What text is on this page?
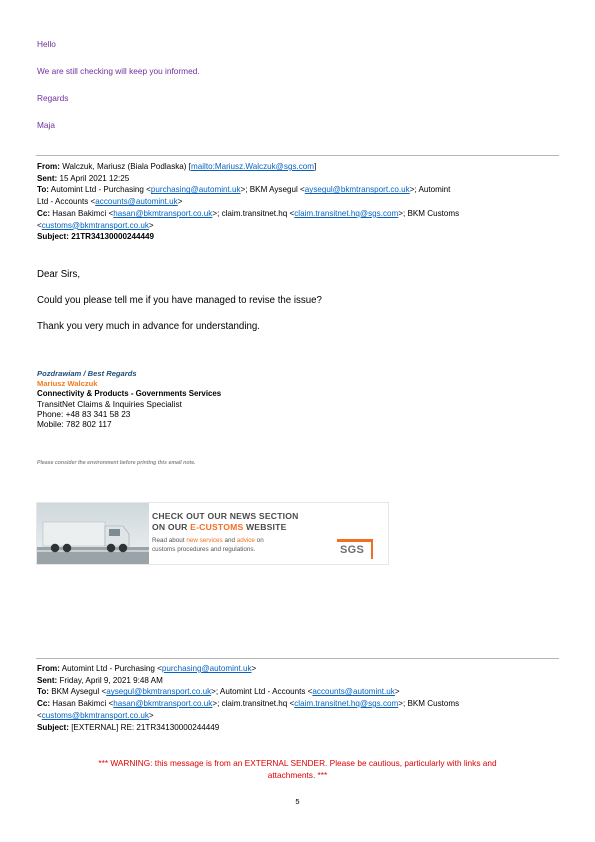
Hello
We are still checking will keep you informed.
Regards
Maja
From: Walczuk, Mariusz (Biala Podlaska) [mailto:Mariusz.Walczuk@sgs.com]
Sent: 15 April 2021 12:25
To: Automint Ltd - Purchasing <purchasing@automint.uk>; BKM Aysegul <aysegul@bkmtransport.co.uk>; Automint
Ltd - Accounts <accounts@automint.uk>
Cc: Hasan Bakimci <hasan@bkmtransport.co.uk>; claim.transitnet.hq <claim.transitnet.hq@sgs.com>; BKM Customs
<customs@bkmtransport.co.uk>
Subject: 21TR34130000244449
Dear Sirs,
Could you please tell me if you have managed to revise the issue?
Thank you very much in advance for understanding.
Pozdrawiam / Best Regards
Mariusz Walczuk
Connectivity & Products - Governments Services
TransitNet Claims & Inquiries Specialist
Phone: +48 83 341 58 23
Mobile: 782 802 117
Please consider the environment before printing this email note.
CHECK OUT OUR NEWS SECTION
ON OUR E-CUSTOMS WEBSITE
Read about new services and advice on
customs procedures and regulations.	SGS
From: Automint Ltd - Purchasing <purchasing@automint.uk>
Sent: Friday, April 9, 2021 9:48 AM
To: BKM Aysegul <aysegul@bkmtransport.co.uk>; Automint Ltd - Accounts <accounts@automint.uk>
Cc: Hasan Bakimci <hasan@bkmtransport.co.uk>; claim.transitnet.hq <claim.transitnet.hq@sgs.com>; BKM Customs
<customs@bkmtransport.co.uk>
Subject: [EXTERNAL] RE: 21TR34130000244449
*** WARNING: this message is from an EXTERNAL SENDER. Please be cautious, particularly with links and
attachments. ***
5
